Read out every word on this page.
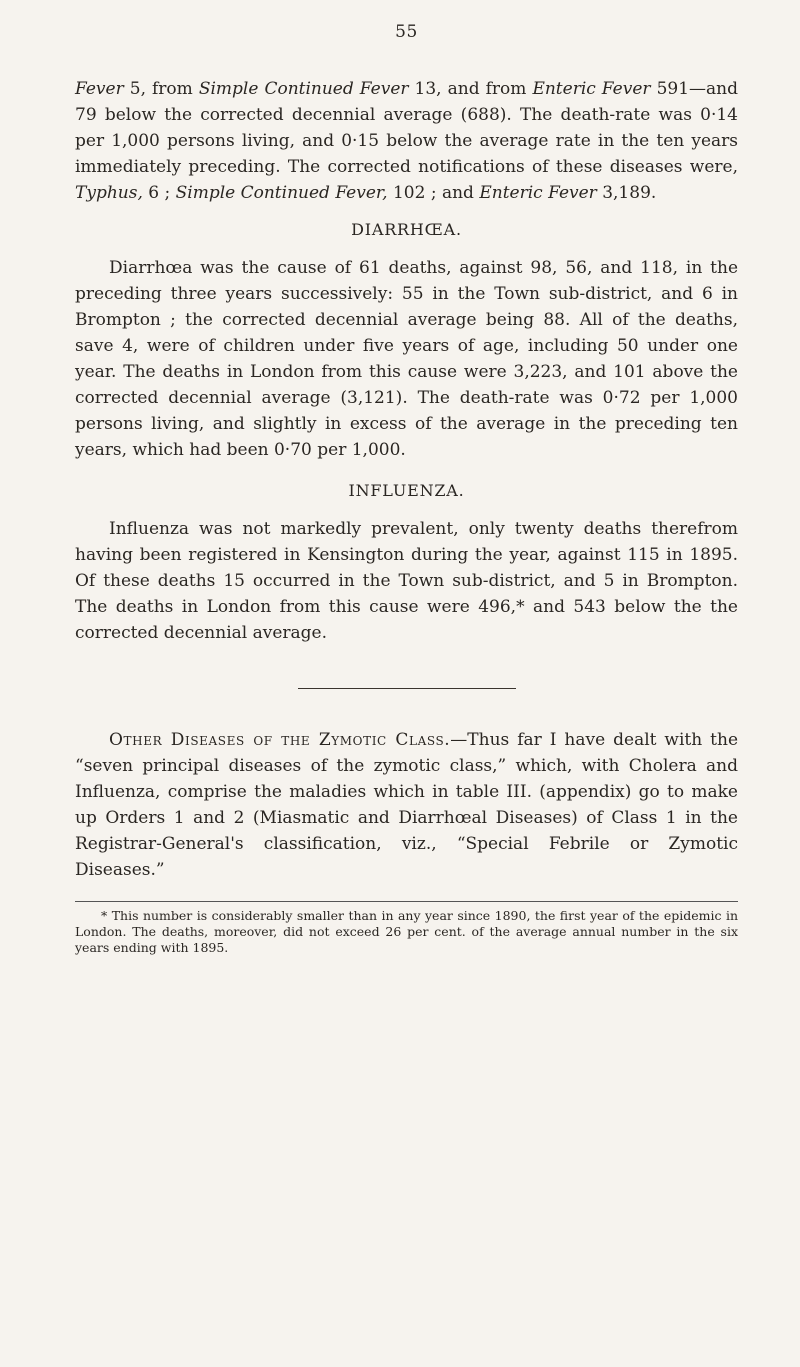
55

Fever 5, from Simple Continued Fever 13, and from Enteric Fever 591—and 79 below the corrected decennial average (688). The death-rate was 0·14 per 1,000 persons living, and 0·15 below the average rate in the ten years immediately preceding. The corrected notifications of these diseases were, Typhus, 6 ; Simple Continued Fever, 102 ; and Enteric Fever 3,189.

DIARRHŒA.

Diarrhœa was the cause of 61 deaths, against 98, 56, and 118, in the preceding three years successively: 55 in the Town sub-district, and 6 in Brompton ; the corrected decennial average being 88. All of the deaths, save 4, were of children under five years of age, including 50 under one year. The deaths in London from this cause were 3,223, and 101 above the corrected decennial average (3,121). The death-rate was 0·72 per 1,000 persons living, and slightly in excess of the average in the preceding ten years, which had been 0·70 per 1,000.

INFLUENZA.

Influenza was not markedly prevalent, only twenty deaths therefrom having been registered in Kensington during the year, against 115 in 1895. Of these deaths 15 occurred in the Town sub-district, and 5 in Brompton. The deaths in London from this cause were 496,* and 543 below the the corrected decennial average.

Other Diseases of the Zymotic Class.—Thus far I have dealt with the “seven principal diseases of the zymotic class,” which, with Cholera and Influenza, comprise the maladies which in table III. (appendix) go to make up Orders 1 and 2 (Miasmatic and Diarrhœal Diseases) of Class 1 in the Registrar-General's classification, viz., “Special Febrile or Zymotic Diseases.”

* This number is considerably smaller than in any year since 1890, the first year of the epidemic in London. The deaths, moreover, did not exceed 26 per cent. of the average annual number in the six years ending with 1895.
